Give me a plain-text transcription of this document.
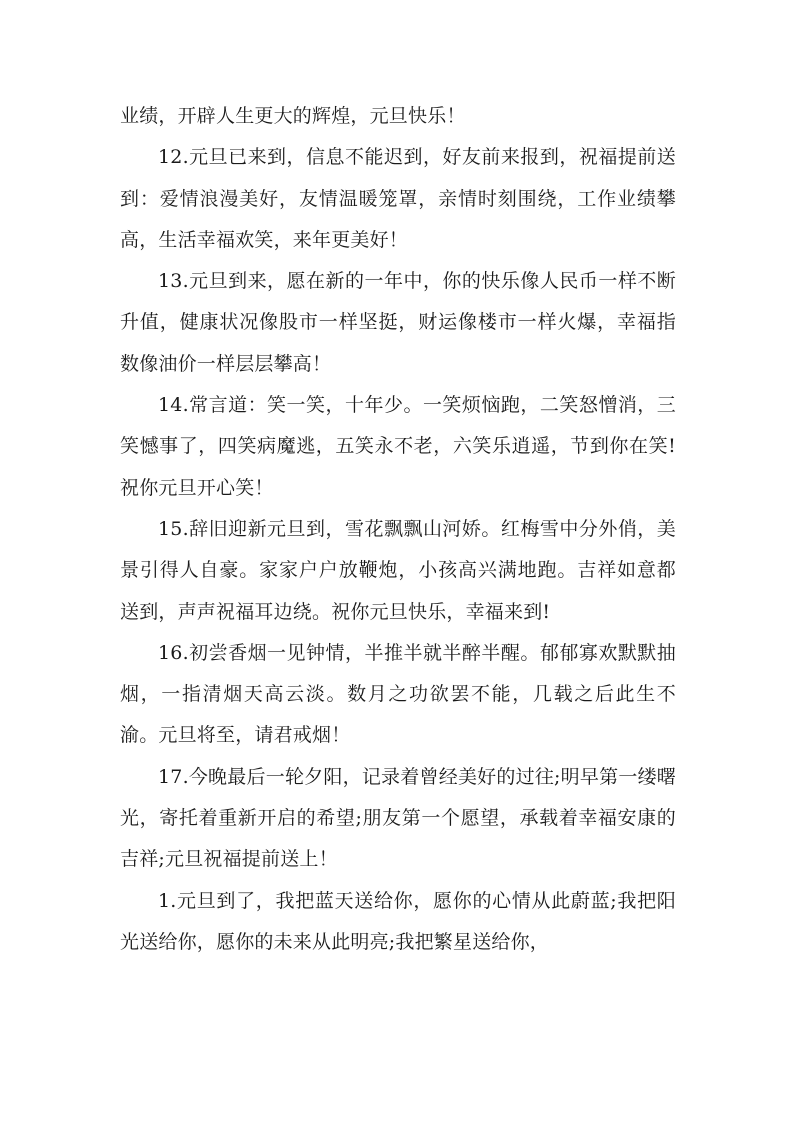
业绩，开辟人生更大的辉煌，元旦快乐！

12.元旦已来到，信息不能迟到，好友前来报到，祝福提前送到：爱情浪漫美好，友情温暖笼罩，亲情时刻围绕，工作业绩攀高，生活幸福欢笑，来年更美好！

13.元旦到来，愿在新的一年中，你的快乐像人民币一样不断升值，健康状况像股市一样坚挺，财运像楼市一样火爆，幸福指数像油价一样层层攀高！

14.常言道：笑一笑，十年少。一笑烦恼跑，二笑怒憎消，三笑憾事了，四笑病魔逃，五笑永不老，六笑乐逍遥，节到你在笑!祝你元旦开心笑！

15.辞旧迎新元旦到，雪花飘飘山河娇。红梅雪中分外俏，美景引得人自豪。家家户户放鞭炮，小孩高兴满地跑。吉祥如意都送到，声声祝福耳边绕。祝你元旦快乐，幸福来到!

16.初尝香烟一见钟情，半推半就半醉半醒。郁郁寡欢默默抽烟，一指清烟天高云淡。数月之功欲罢不能，几载之后此生不渝。元旦将至，请君戒烟！

17.今晚最后一轮夕阳，记录着曾经美好的过往;明早第一缕曙光，寄托着重新开启的希望;朋友第一个愿望，承载着幸福安康的吉祥;元旦祝福提前送上！

1.元旦到了，我把蓝天送给你，愿你的心情从此蔚蓝;我把阳光送给你，愿你的未来从此明亮;我把繁星送给你，
